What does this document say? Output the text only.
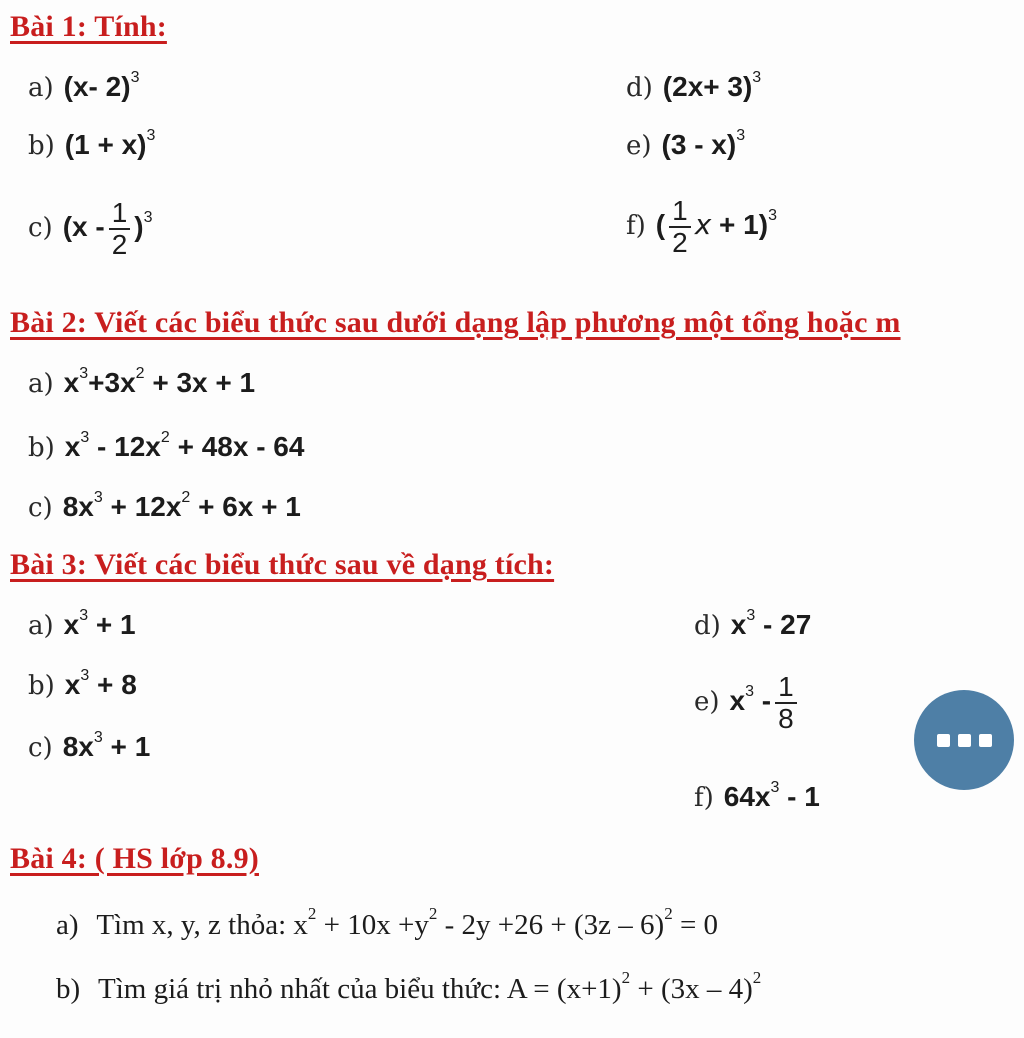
Bài 1: Tính:
a) (x- 2)$^3$
b) $(1 + x)^3$
c) $(x - \frac{1}{2} )^3$
d) $(2x+ 3)^3$
e) (3 - x)$^3$
f) ( $\frac{1}{2}$ x + 1)$^3$
Bài 2: Viết các biểu thức sau dưới dạng lập phương một tổng hoặc m
a) $x^3+3x^2 + 3x + 1$
b) $x^3 - 12x^2 + 48x - 64$
c) $8x^3 + 12x^2 + 6x + 1$
Bài 3: Viết các biểu thức sau về dạng tích:
a) $x^3 + 1$
b) $x^3 + 8$
c) $8x^3 + 1$
d) $x^3 - 27$
e) $x^3 - \frac{1}{8}$
f) $64x^3 - 1$
Bài 4: ( HS lớp 8.9)
a) Tìm x, y, z thỏa: $x^2 + 10x +y^2 - 2y +26 + (3z - 6)^2 = 0$
b) Tìm giá trị nhỏ nhất của biểu thức: $A = (x+1)^2 + (3x - 4)^2$
